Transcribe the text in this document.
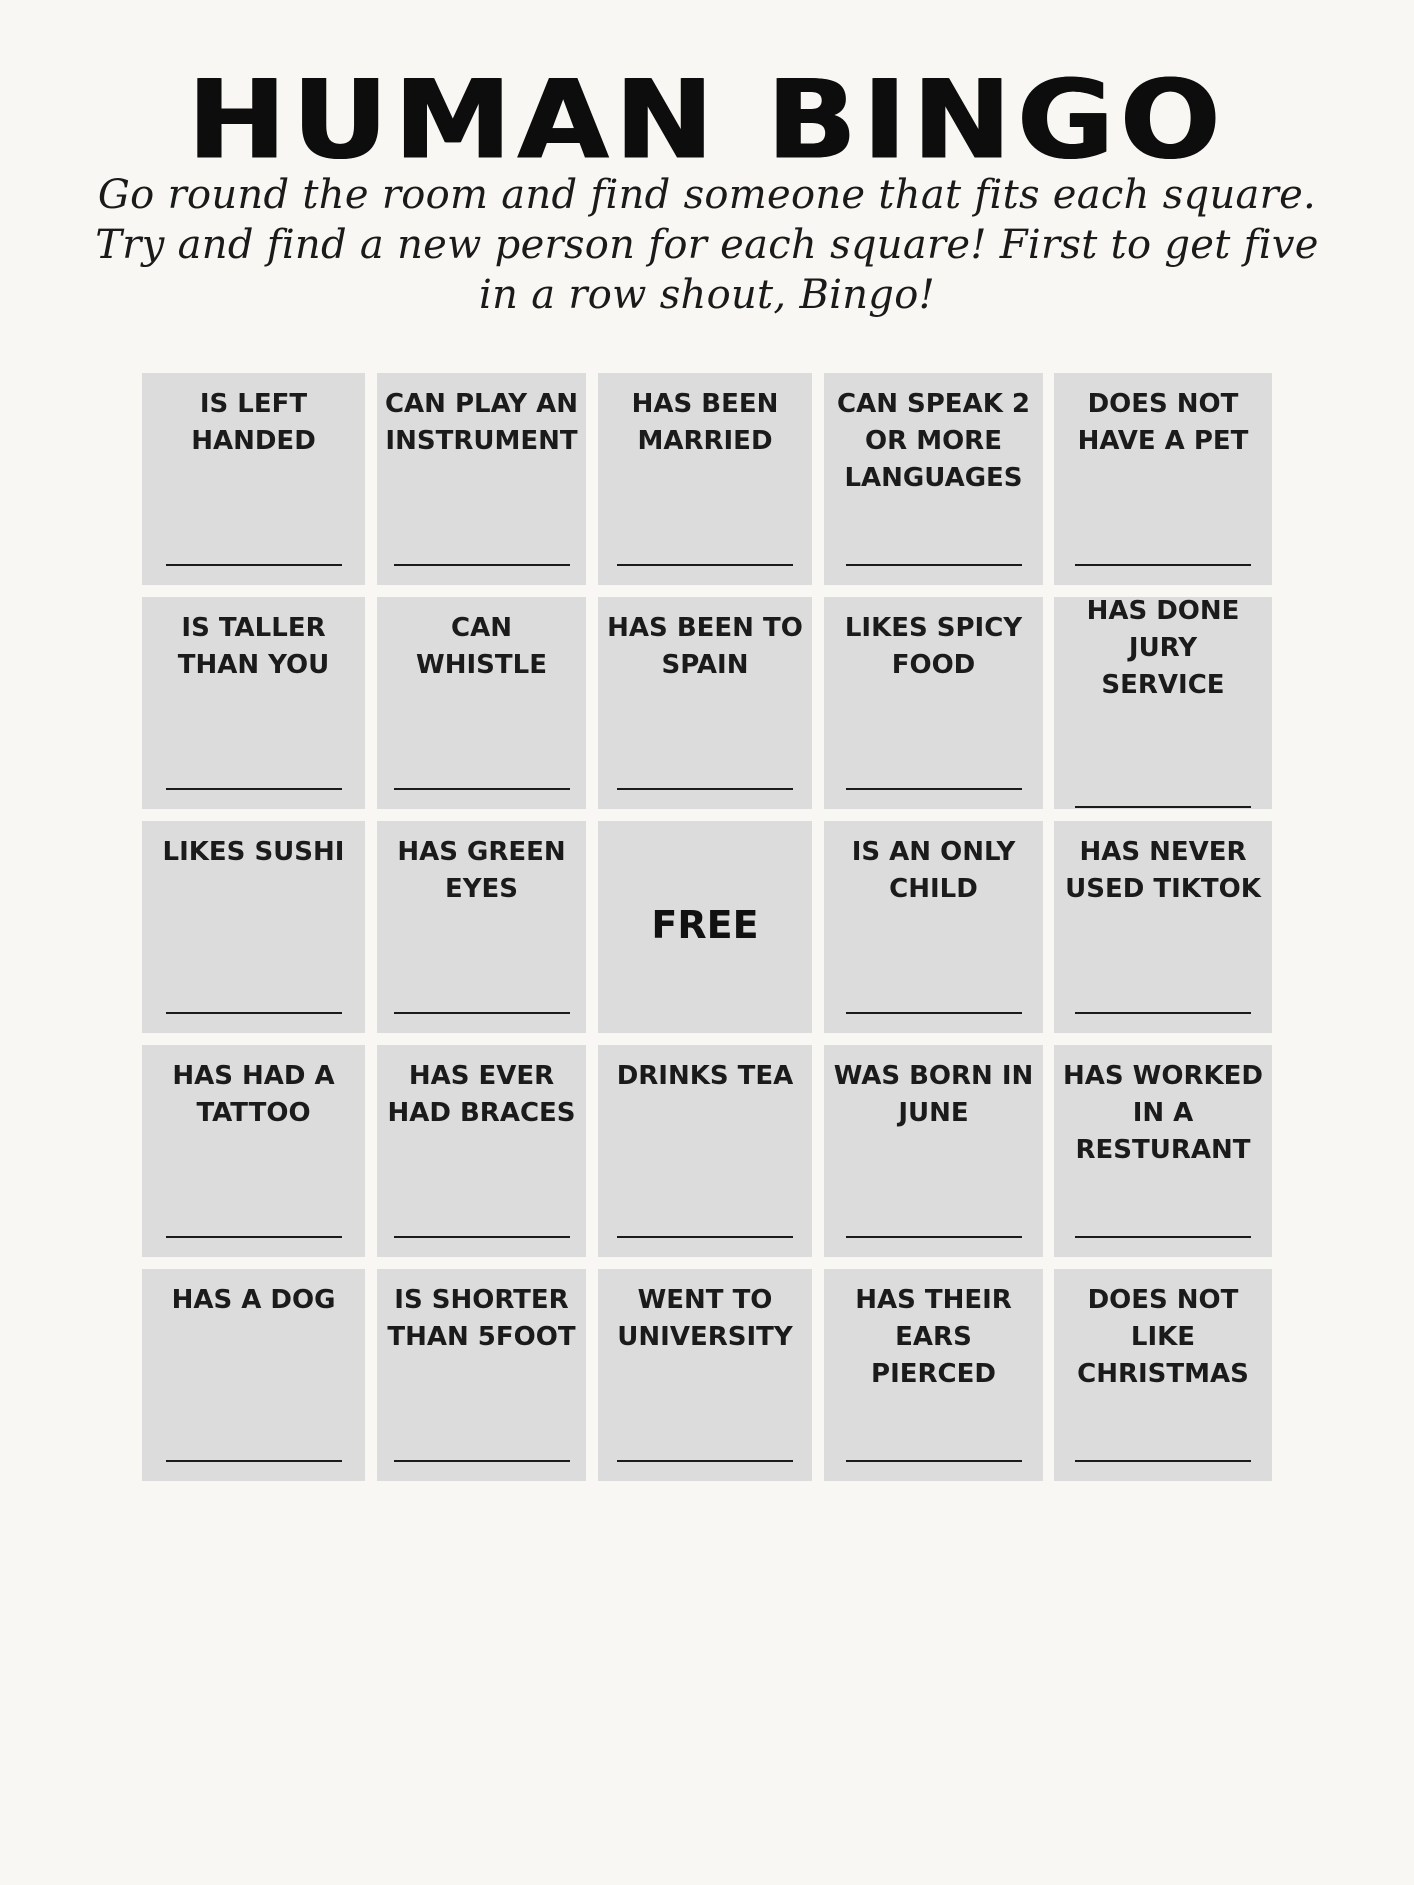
HUMAN BINGO
Go round the room and find someone that fits each square. Try and find a new person for each square! First to get five in a row shout, Bingo!
IS LEFT
HANDED
CAN PLAY AN
INSTRUMENT
HAS BEEN
MARRIED
CAN SPEAK 2
OR MORE
LANGUAGES
DOES NOT
HAVE A PET
IS TALLER
THAN YOU
CAN
WHISTLE
HAS BEEN TO
SPAIN
LIKES SPICY
FOOD
HAS DONE
JURY
SERVICE
LIKES SUSHI	HAS GREEN
EYES
FREE
IS AN ONLY
CHILD
HAS NEVER
USED TIKTOK
HAS HAD A
TATTOO
HAS EVER
HAD BRACES
DRINKS TEA	WAS BORN IN
JUNE
HAS WORKED
IN A
RESTURANT
HAS A DOG	IS SHORTER
THAN 5FOOT
WENT TO
UNIVERSITY
HAS THEIR
EARS
PIERCED
DOES NOT
LIKE
CHRISTMAS
